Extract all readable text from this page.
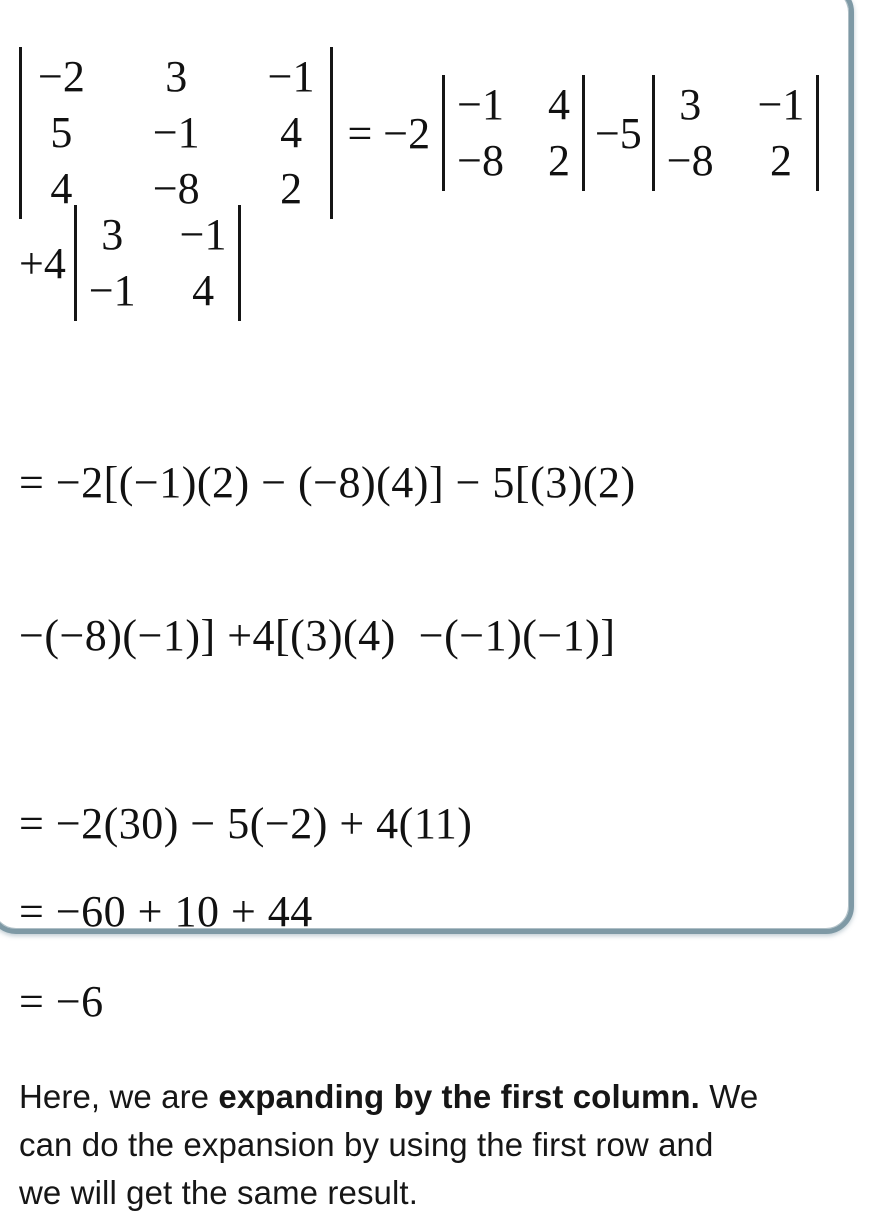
−2 3 −1
5 −1 4
4 −8 2
= −2
−1 4
−8 2
−5
3 −1
−8 2
+4
3 −1
−1 4

= −2[(−1)(2) − (−8)(4)] − 5[(3)(2)

−(−8)(−1)] +4[(3)(4)  −(−1)(−1)]

= −2(30) − 5(−2) + 4(11)
= −60 + 10 + 44
= −6
Here, we are expanding by the first column. We
can do the expansion by using the first row and
we will get the same result.
